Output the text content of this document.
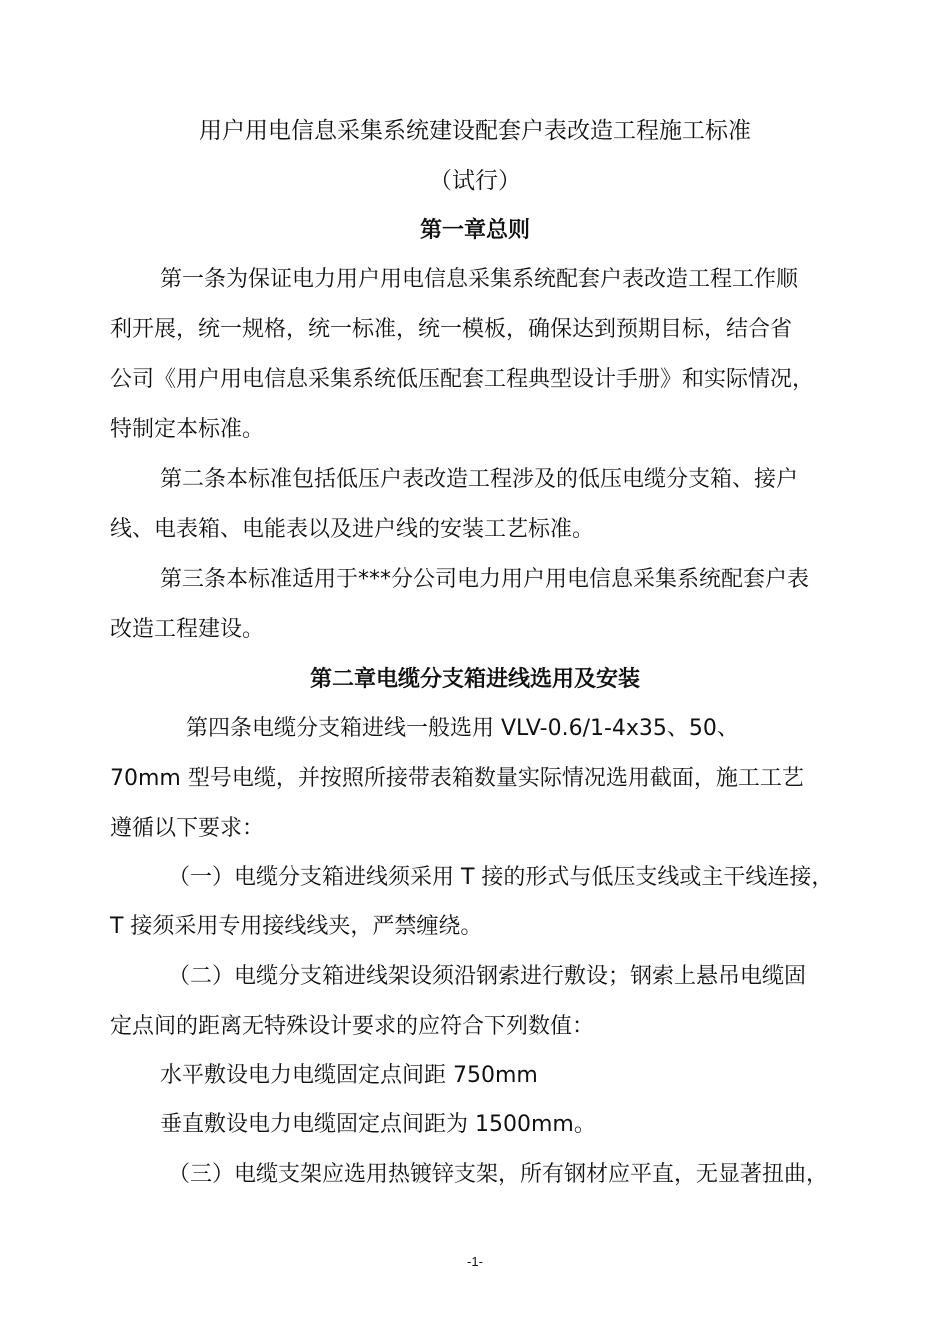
用户用电信息采集系统建设配套户表改造工程施工标准

（试行）

第一章总则

第一条为保证电力用户用电信息采集系统配套户表改造工程工作顺

利开展，统一规格，统一标准，统一模板，确保达到预期目标，结合省

公司《用户用电信息采集系统低压配套工程典型设计手册》和实际情况，

特制定本标准。

第二条本标准包括低压户表改造工程涉及的低压电缆分支箱、接户

线、电表箱、电能表以及进户线的安装工艺标准。

第三条本标准适用于***分公司电力用户用电信息采集系统配套户表

改造工程建设。

第二章电缆分支箱进线选用及安装

第四条电缆分支箱进线一般选用 VLV-0.6/1-4x35、50、

70mm 型号电缆，并按照所接带表箱数量实际情况选用截面，施工工艺

遵循以下要求：

（一）电缆分支箱进线须采用 T 接的形式与低压支线或主干线连接，

T 接须采用专用接线线夹，严禁缠绕。

（二）电缆分支箱进线架设须沿钢索进行敷设；钢索上悬吊电缆固

定点间的距离无特殊设计要求的应符合下列数值：

水平敷设电力电缆固定点间距 750mm

垂直敷设电力电缆固定点间距为 1500mm。

（三）电缆支架应选用热镀锌支架，所有钢材应平直，无显著扭曲，

-1-
